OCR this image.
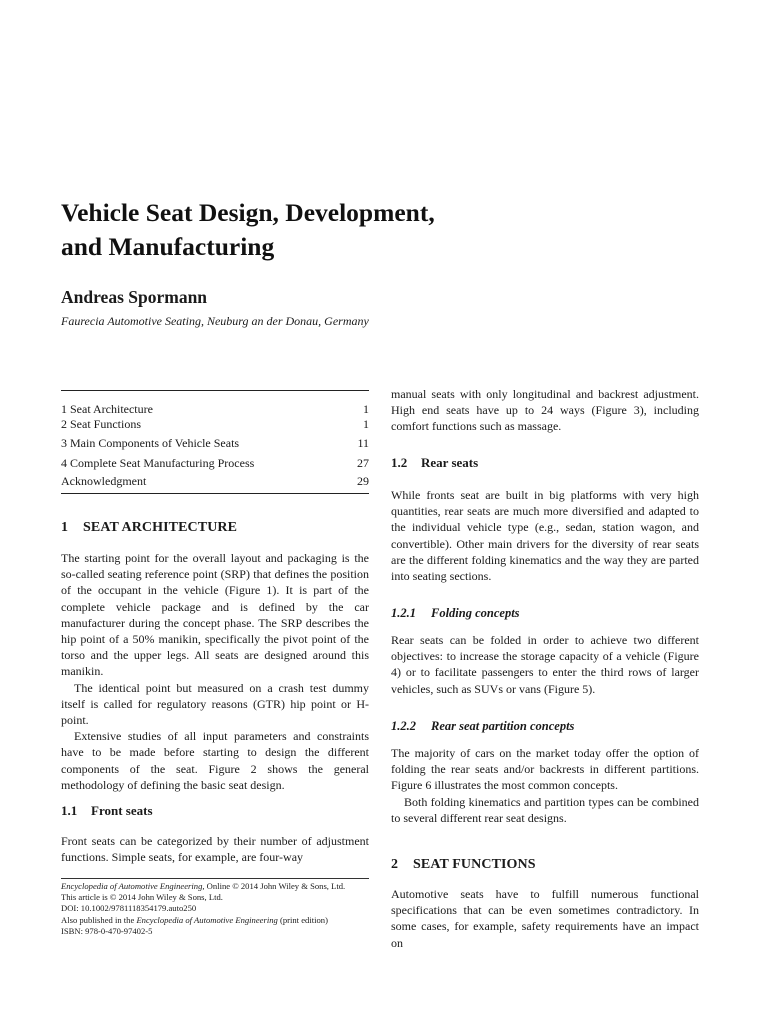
Vehicle Seat Design, Development,
and Manufacturing
Andreas Spormann
Faurecia Automotive Seating, Neuburg an der Donau, Germany
1 Seat Architecture	1
2 Seat Functions	1
3 Main Components of Vehicle Seats	11
4 Complete Seat Manufacturing Process	27
Acknowledgment	29
1 SEAT ARCHITECTURE

The starting point for the overall layout and packaging is the so-called seating reference point (SRP) that defines the position of the occupant in the vehicle (Figure 1). It is part of the complete vehicle package and is defined by the car manufacturer during the concept phase. The SRP describes the hip point of a 50% manikin, specifically the pivot point of the torso and the upper legs. All seats are designed around this manikin.

The identical point but measured on a crash test dummy itself is called for regulatory reasons (GTR) hip point or H-point.

Extensive studies of all input parameters and constraints have to be made before starting to design the different components of the seat. Figure 2 shows the general methodology of defining the basic seat design.

1.1 Front seats

Front seats can be categorized by their number of adjustment functions. Simple seats, for example, are four-way

Encyclopedia of Automotive Engineering, Online © 2014 John Wiley & Sons, Ltd.
This article is © 2014 John Wiley & Sons, Ltd.
DOI: 10.1002/9781118354179.auto250
Also published in the Encyclopedia of Automotive Engineering (print edition)
ISBN: 978-0-470-97402-5

manual seats with only longitudinal and backrest adjustment. High end seats have up to 24 ways (Figure 3), including comfort functions such as massage.

1.2 Rear seats

While fronts seat are built in big platforms with very high quantities, rear seats are much more diversified and adapted to the individual vehicle type (e.g., sedan, station wagon, and convertible). Other main drivers for the diversity of rear seats are the different folding kinematics and the way they are parted into seating sections.

1.2.1 Folding concepts

Rear seats can be folded in order to achieve two different objectives: to increase the storage capacity of a vehicle (Figure 4) or to facilitate passengers to enter the third rows of larger vehicles, such as SUVs or vans (Figure 5).

1.2.2 Rear seat partition concepts

The majority of cars on the market today offer the option of folding the rear seats and/or backrests in different partitions. Figure 6 illustrates the most common concepts.

Both folding kinematics and partition types can be combined to several different rear seat designs.

2 SEAT FUNCTIONS

Automotive seats have to fulfill numerous functional specifications that can be even sometimes contradictory. In some cases, for example, safety requirements have an impact on
